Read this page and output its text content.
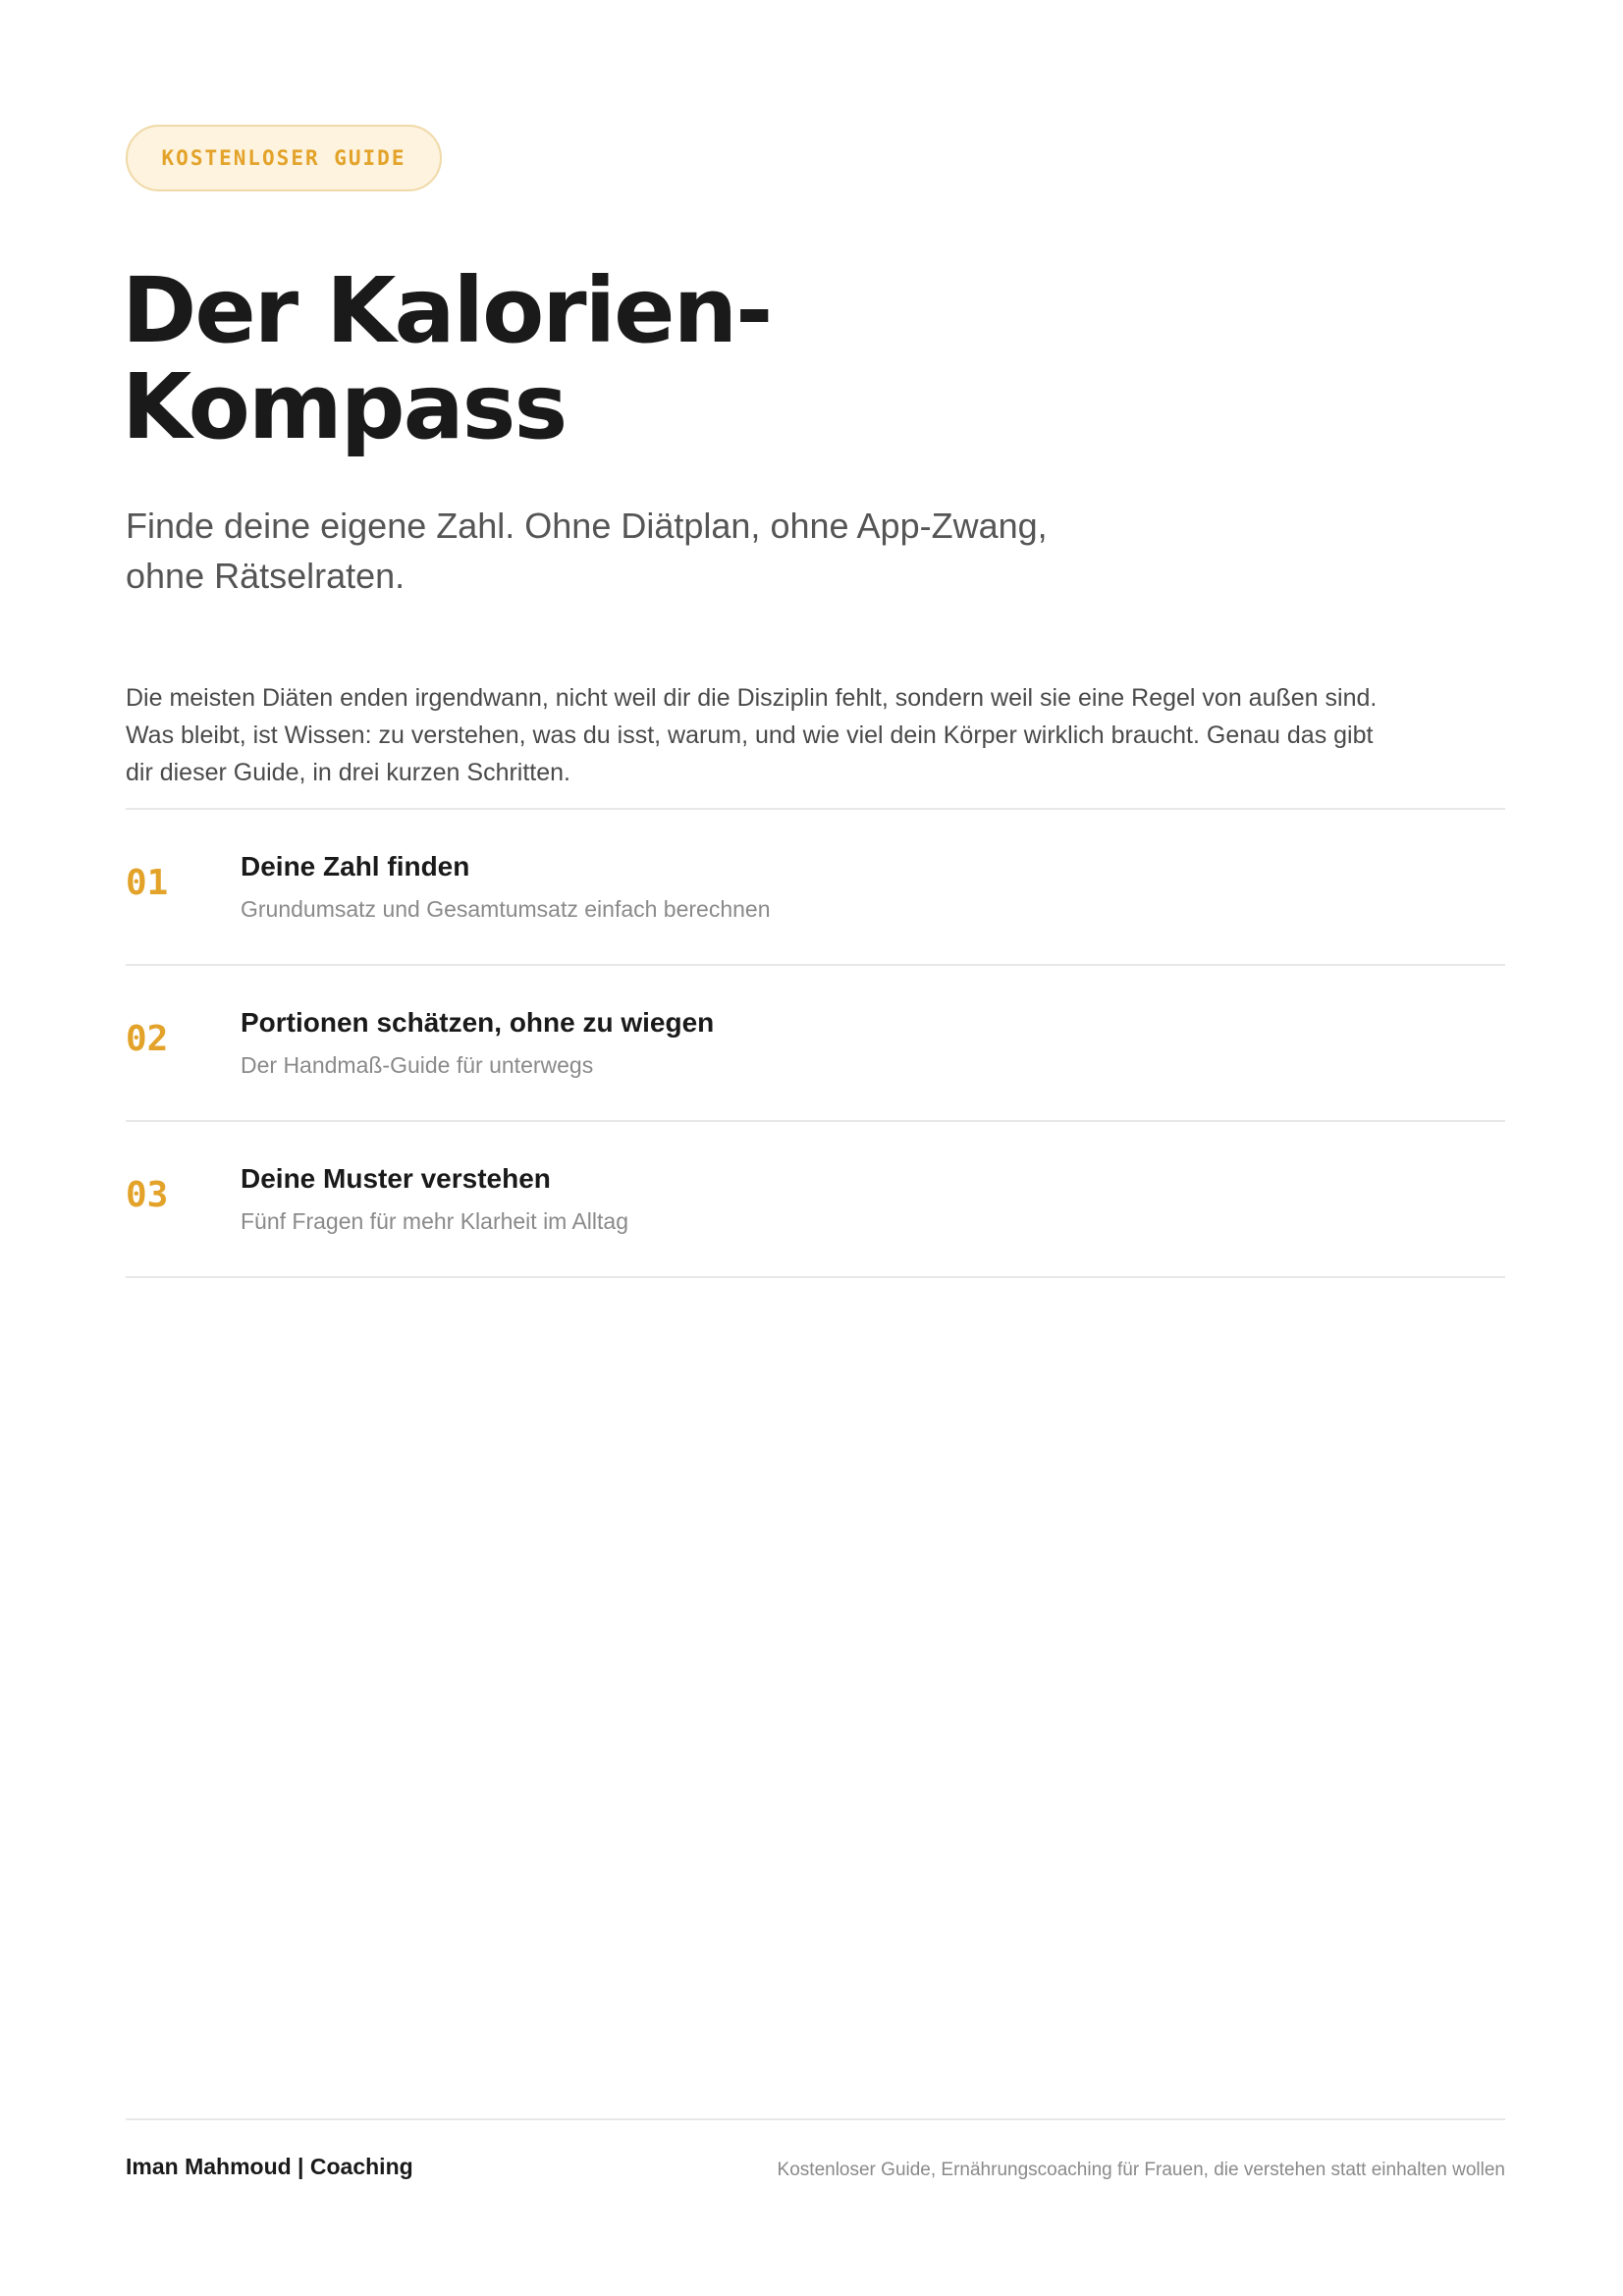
KOSTENLOSER GUIDE
Der Kalorien-
Kompass

Finde deine eigene Zahl. Ohne Diätplan, ohne App-Zwang, ohne Rätselraten.

Die meisten Diäten enden irgendwann, nicht weil dir die Disziplin fehlt, sondern weil sie eine Regel von außen sind. Was bleibt, ist Wissen: zu verstehen, was du isst, warum, und wie viel dein Körper wirklich braucht. Genau das gibt dir dieser Guide, in drei kurzen Schritten.

01	Deine Zahl finden
Grundumsatz und Gesamtumsatz einfach berechnen
02	Portionen schätzen, ohne zu wiegen
Der Handmaß-Guide für unterwegs
03	Deine Muster verstehen
Fünf Fragen für mehr Klarheit im Alltag
Iman Mahmoud | Coaching	Kostenloser Guide, Ernährungscoaching für Frauen, die verstehen statt einhalten wollen
